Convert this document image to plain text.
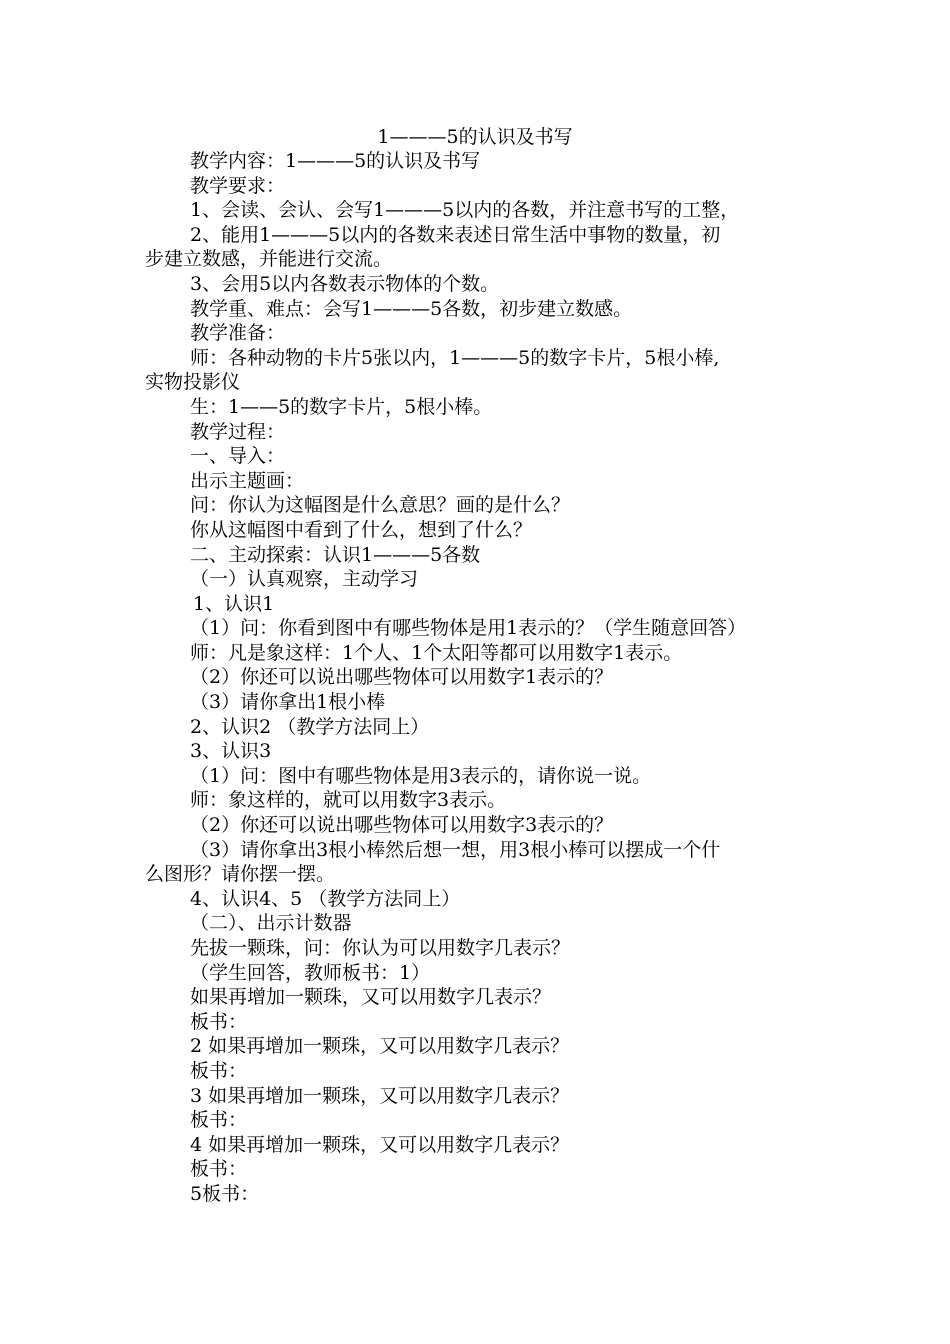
1———5的认识及书写
教学内容：1———5的认识及书写
教学要求：
1、会读、会认、会写1———5以内的各数，并注意书写的工整，
2、能用1———5以内的各数来表述日常生活中事物的数量，初
步建立数感，并能进行交流。
3、会用5以内各数表示物体的个数。
教学重、难点：会写1———5各数，初步建立数感。
教学准备：
师：各种动物的卡片5张以内，1———5的数字卡片，5根小棒,
实物投影仪
生：1——5的数字卡片，5根小棒。
教学过程：
一、导入：
出示主题画：
问：你认为这幅图是什么意思？画的是什么？
你从这幅图中看到了什么，想到了什么？
二、主动探索：认识1———5各数
（一）认真观察，主动学习
1、认识1
（1）问：你看到图中有哪些物体是用1表示的？（学生随意回答）
师：凡是象这样：1个人、1个太阳等都可以用数字1表示。
（2）你还可以说出哪些物体可以用数字1表示的？
（3）请你拿出1根小棒
2、认识2 （教学方法同上）
3、认识3
（1）问：图中有哪些物体是用3表示的，请你说一说。
师：象这样的，就可以用数字3表示。
（2）你还可以说出哪些物体可以用数字3表示的？
（3）请你拿出3根小棒然后想一想，用3根小棒可以摆成一个什
么图形？请你摆一摆。
4、认识4、5 （教学方法同上）
（二）、出示计数器
先拔一颗珠，问：你认为可以用数字几表示？
（学生回答，教师板书：1）
如果再增加一颗珠，又可以用数字几表示？
板书：
2 如果再增加一颗珠，又可以用数字几表示？
板书：
3 如果再增加一颗珠，又可以用数字几表示？
板书：
4 如果再增加一颗珠，又可以用数字几表示？
板书：
5板书：
